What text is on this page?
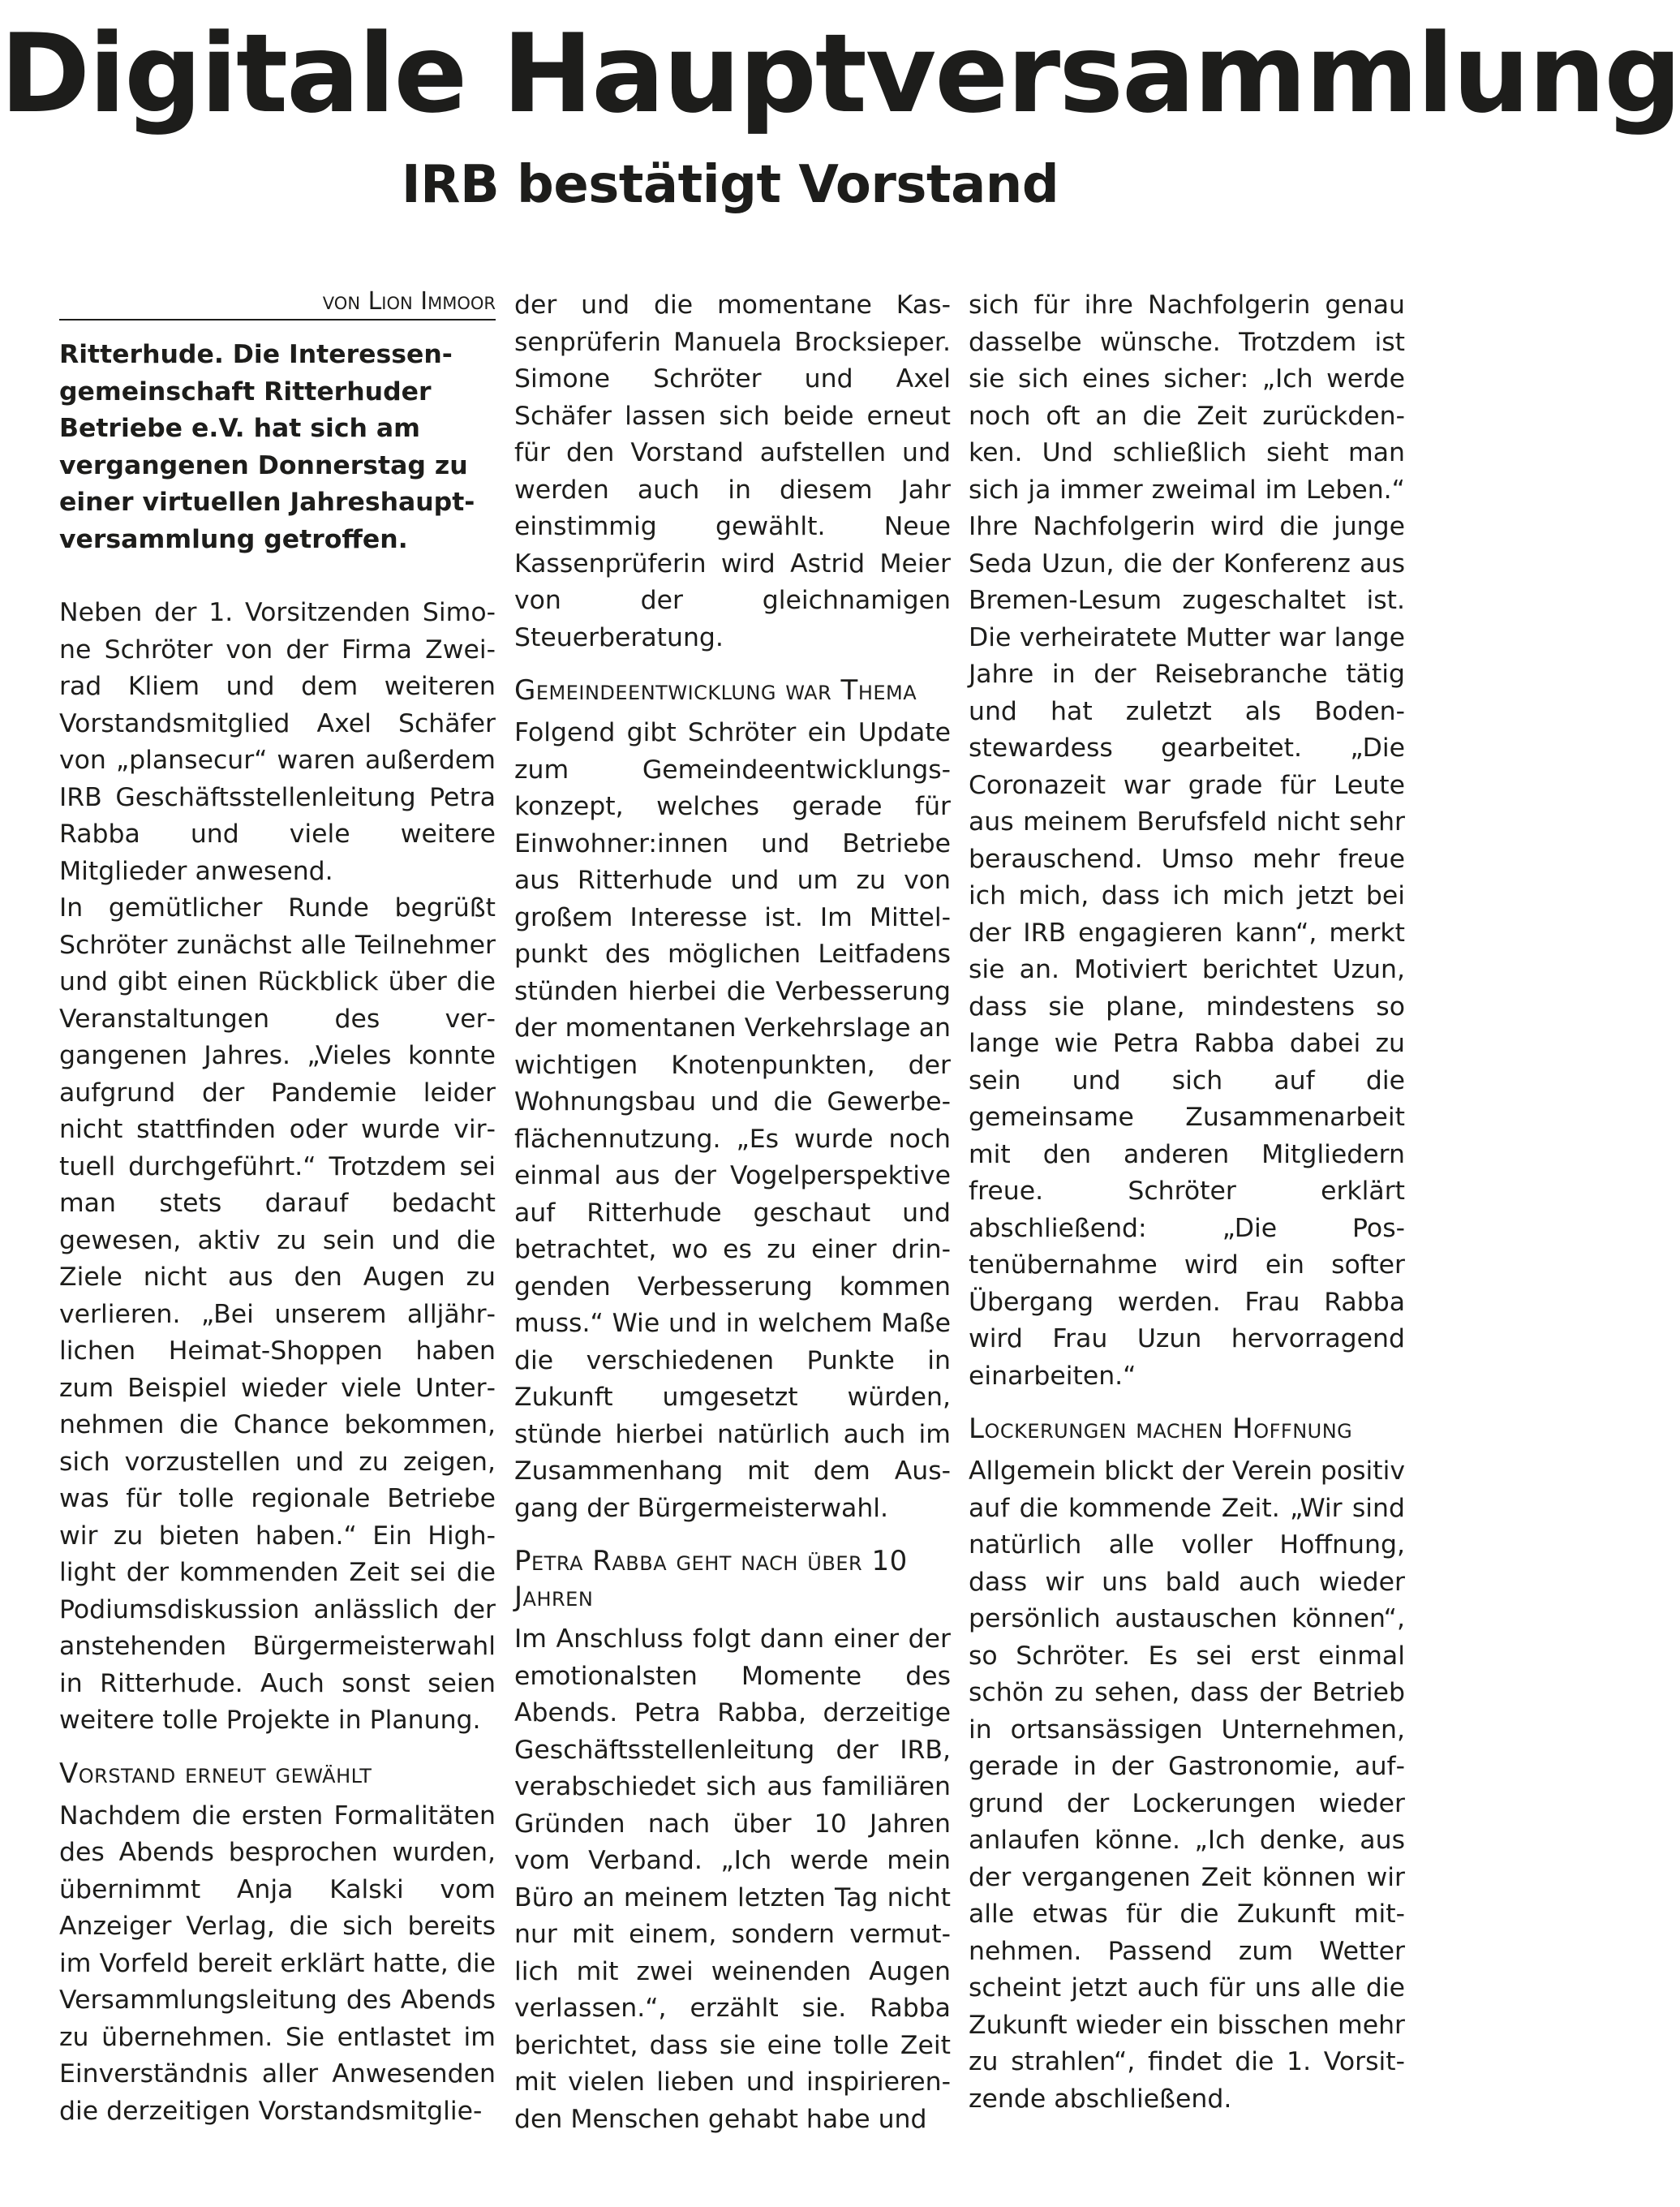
Digitale Hauptversammlung
IRB bestätigt Vorstand
von Lion Immoor

Ritterhude. Die Interessengemeinschaft Ritterhuder Betriebe e.V. hat sich am vergangenen Donnerstag zu einer virtuellen Jahreshauptversammlung getroffen.

Neben der 1. Vorsitzenden Simone Schröter von der Firma Zweirad Kliem und dem weiteren Vorstandsmitglied Axel Schäfer von „plansecur“ waren außerdem IRB Geschäftsstellenleitung Petra Rabba und viele weitere Mitglieder anwesend.

In gemütlicher Runde begrüßt Schröter zunächst alle Teilnehmer und gibt einen Rückblick über die Veranstaltungen des vergangenen Jahres. „Vieles konnte aufgrund der Pandemie leider nicht stattfinden oder wurde virtuell durchgeführt.“ Trotzdem sei man stets darauf bedacht gewesen, aktiv zu sein und die Ziele nicht aus den Augen zu verlieren. „Bei unserem alljährlichen Heimat-Shoppen haben zum Beispiel wieder viele Unternehmen die Chance bekommen, sich vorzustellen und zu zeigen, was für tolle regionale Betriebe wir zu bieten haben.“ Ein Highlight der kommenden Zeit sei die Podiumsdiskussion anlässlich der anstehenden Bürgermeisterwahl in Ritterhude. Auch sonst seien weitere tolle Projekte in Planung.

Vorstand erneut gewählt

Nachdem die ersten Formalitäten des Abends besprochen wurden, übernimmt Anja Kalski vom Anzeiger Verlag, die sich bereits im Vorfeld bereit erklärt hatte, die Versammlungsleitung des Abends zu übernehmen. Sie entlastet im Einverständnis aller Anwesenden die derzeitigen Vorstandsmitglie-

der und die momentane Kassenprüferin Manuela Brocksieper. Simone Schröter und Axel Schäfer lassen sich beide erneut für den Vorstand aufstellen und werden auch in diesem Jahr einstimmig gewählt. Neue Kassenprüferin wird Astrid Meier von der gleichnamigen Steuerberatung.

Gemeindeentwicklung war Thema

Folgend gibt Schröter ein Update zum Gemeindeentwicklungskonzept, welches gerade für Einwohner:innen und Betriebe aus Ritterhude und um zu von großem Interesse ist. Im Mittelpunkt des möglichen Leitfadens stünden hierbei die Verbesserung der momentanen Verkehrslage an wichtigen Knotenpunkten, der Wohnungsbau und die Gewerbeflächennutzung. „Es wurde noch einmal aus der Vogelperspektive auf Ritterhude geschaut und betrachtet, wo es zu einer dringenden Verbesserung kommen muss.“ Wie und in welchem Maße die verschiedenen Punkte in Zukunft umgesetzt würden, stünde hierbei natürlich auch im Zusammenhang mit dem Ausgang der Bürgermeisterwahl.

Petra Rabba geht nach über 10 Jahren

Im Anschluss folgt dann einer der emotionalsten Momente des Abends. Petra Rabba, derzeitige Geschäftsstellenleitung der IRB, verabschiedet sich aus familiären Gründen nach über 10 Jahren vom Verband. „Ich werde mein Büro an meinem letzten Tag nicht nur mit einem, sondern vermutlich mit zwei weinenden Augen verlassen.“, erzählt sie. Rabba berichtet, dass sie eine tolle Zeit mit vielen lieben und inspirierenden Menschen gehabt habe und

sich für ihre Nachfolgerin genau dasselbe wünsche. Trotzdem ist sie sich eines sicher: „Ich werde noch oft an die Zeit zurückdenken. Und schließlich sieht man sich ja immer zweimal im Leben.“ Ihre Nachfolgerin wird die junge Seda Uzun, die der Konferenz aus Bremen-Lesum zugeschaltet ist. Die verheiratete Mutter war lange Jahre in der Reisebranche tätig und hat zuletzt als Bodenstewardess gearbeitet. „Die Coronazeit war grade für Leute aus meinem Berufsfeld nicht sehr berauschend. Umso mehr freue ich mich, dass ich mich jetzt bei der IRB engagieren kann“, merkt sie an. Motiviert berichtet Uzun, dass sie plane, mindestens so lange wie Petra Rabba dabei zu sein und sich auf die gemeinsame Zusammenarbeit mit den anderen Mitgliedern freue. Schröter erklärt abschließend: „Die Postenübernahme wird ein softer Übergang werden. Frau Rabba wird Frau Uzun hervorragend einarbeiten.“

Lockerungen machen Hoffnung

Allgemein blickt der Verein positiv auf die kommende Zeit. „Wir sind natürlich alle voller Hoffnung, dass wir uns bald auch wieder persönlich austauschen können“, so Schröter. Es sei erst einmal schön zu sehen, dass der Betrieb in ortsansässigen Unternehmen, gerade in der Gastronomie, aufgrund der Lockerungen wieder anlaufen könne. „Ich denke, aus der vergangenen Zeit können wir alle etwas für die Zukunft mitnehmen. Passend zum Wetter scheint jetzt auch für uns alle die Zukunft wieder ein bisschen mehr zu strahlen“, findet die 1. Vorsitzende abschließend.
